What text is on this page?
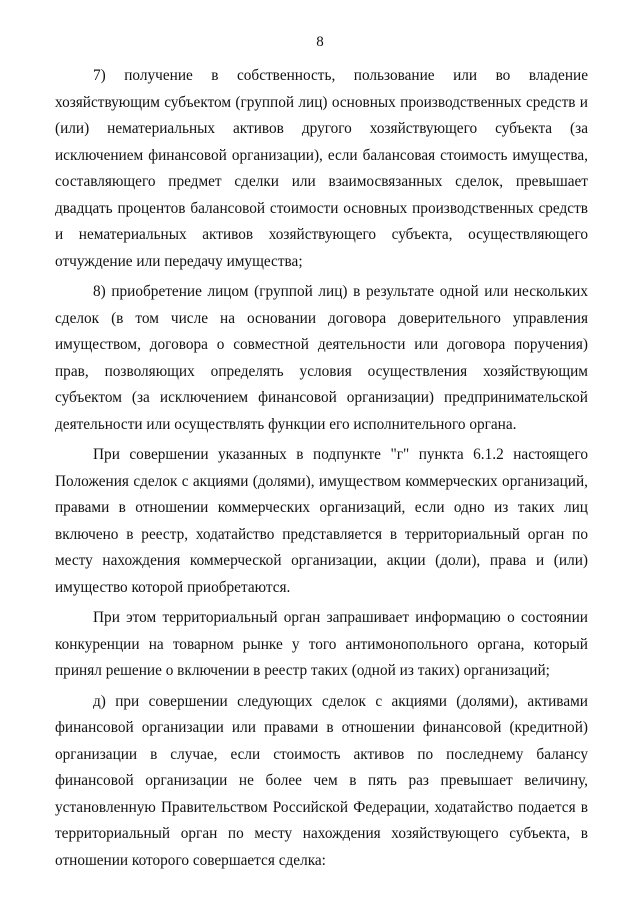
8

7) получение в собственность, пользование или во владение хозяйствующим субъектом (группой лиц) основных производственных средств и (или) нематериальных активов другого хозяйствующего субъекта (за исключением финансовой организации), если балансовая стоимость имущества, составляющего предмет сделки или взаимосвязанных сделок, превышает двадцать процентов балансовой стоимости основных производственных средств и нематериальных активов хозяйствующего субъекта, осуществляющего отчуждение или передачу имущества;

8) приобретение лицом (группой лиц) в результате одной или нескольких сделок (в том числе на основании договора доверительного управления имуществом, договора о совместной деятельности или договора поручения) прав, позволяющих определять условия осуществления хозяйствующим субъектом (за исключением финансовой организации) предпринимательской деятельности или осуществлять функции его исполнительного органа.

При совершении указанных в подпункте "г" пункта 6.1.2 настоящего Положения сделок с акциями (долями), имуществом коммерческих организаций, правами в отношении коммерческих организаций, если одно из таких лиц включено в реестр, ходатайство представляется в территориальный орган по месту нахождения коммерческой организации, акции (доли), права и (или) имущество которой приобретаются.

При этом территориальный орган запрашивает информацию о состоянии конкуренции на товарном рынке у того антимонопольного органа, который принял решение о включении в реестр таких (одной из таких) организаций;

д) при совершении следующих сделок с акциями (долями), активами финансовой организации или правами в отношении финансовой (кредитной) организации в случае, если стоимость активов по последнему балансу финансовой организации не более чем в пять раз превышает величину, установленную Правительством Российской Федерации, ходатайство подается в территориальный орган по месту нахождения хозяйствующего субъекта, в отношении которого совершается сделка:
